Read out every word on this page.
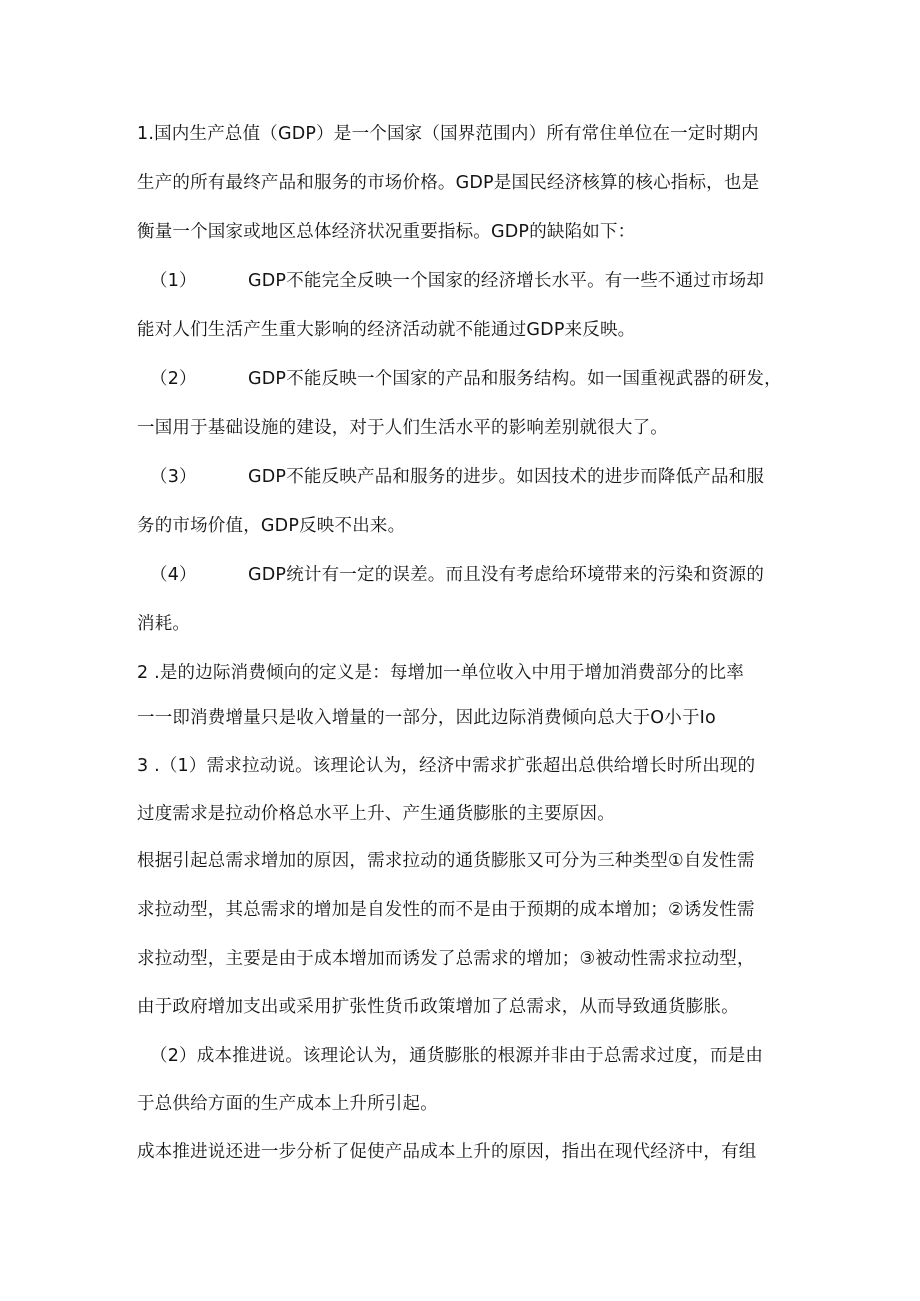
1.国内生产总值（GDP）是一个国家（国界范围内）所有常住单位在一定时期内
生产的所有最终产品和服务的市场价格。GDP是国民经济核算的核心指标，也是
衡量一个国家或地区总体经济状况重要指标。GDP的缺陷如下：
（1）	GDP不能完全反映一个国家的经济增长水平。有一些不通过市场却
能对人们生活产生重大影响的经济活动就不能通过GDP来反映。
（2）	GDP不能反映一个国家的产品和服务结构。如一国重视武器的研发，
一国用于基础设施的建设，对于人们生活水平的影响差别就很大了。
（3）	GDP不能反映产品和服务的进步。如因技术的进步而降低产品和服
务的市场价值，GDP反映不出来。
（4）	GDP统计有一定的误差。而且没有考虑给环境带来的污染和资源的
消耗。
2 .是的边际消费倾向的定义是：每增加一单位收入中用于增加消费部分的比率
一一即消费增量只是收入增量的一部分，因此边际消费倾向总大于O小于Io
3 .（1）需求拉动说。该理论认为，经济中需求扩张超出总供给增长时所出现的
过度需求是拉动价格总水平上升、产生通货膨胀的主要原因。
根据引起总需求增加的原因，需求拉动的通货膨胀又可分为三种类型①自发性需
求拉动型，其总需求的增加是自发性的而不是由于预期的成本增加；②诱发性需
求拉动型，主要是由于成本增加而诱发了总需求的增加；③被动性需求拉动型，
由于政府增加支出或采用扩张性货币政策增加了总需求，从而导致通货膨胀。
（2）成本推进说。该理论认为，通货膨胀的根源并非由于总需求过度，而是由
于总供给方面的生产成本上升所引起。
成本推进说还进一步分析了促使产品成本上升的原因，指出在现代经济中，有组
